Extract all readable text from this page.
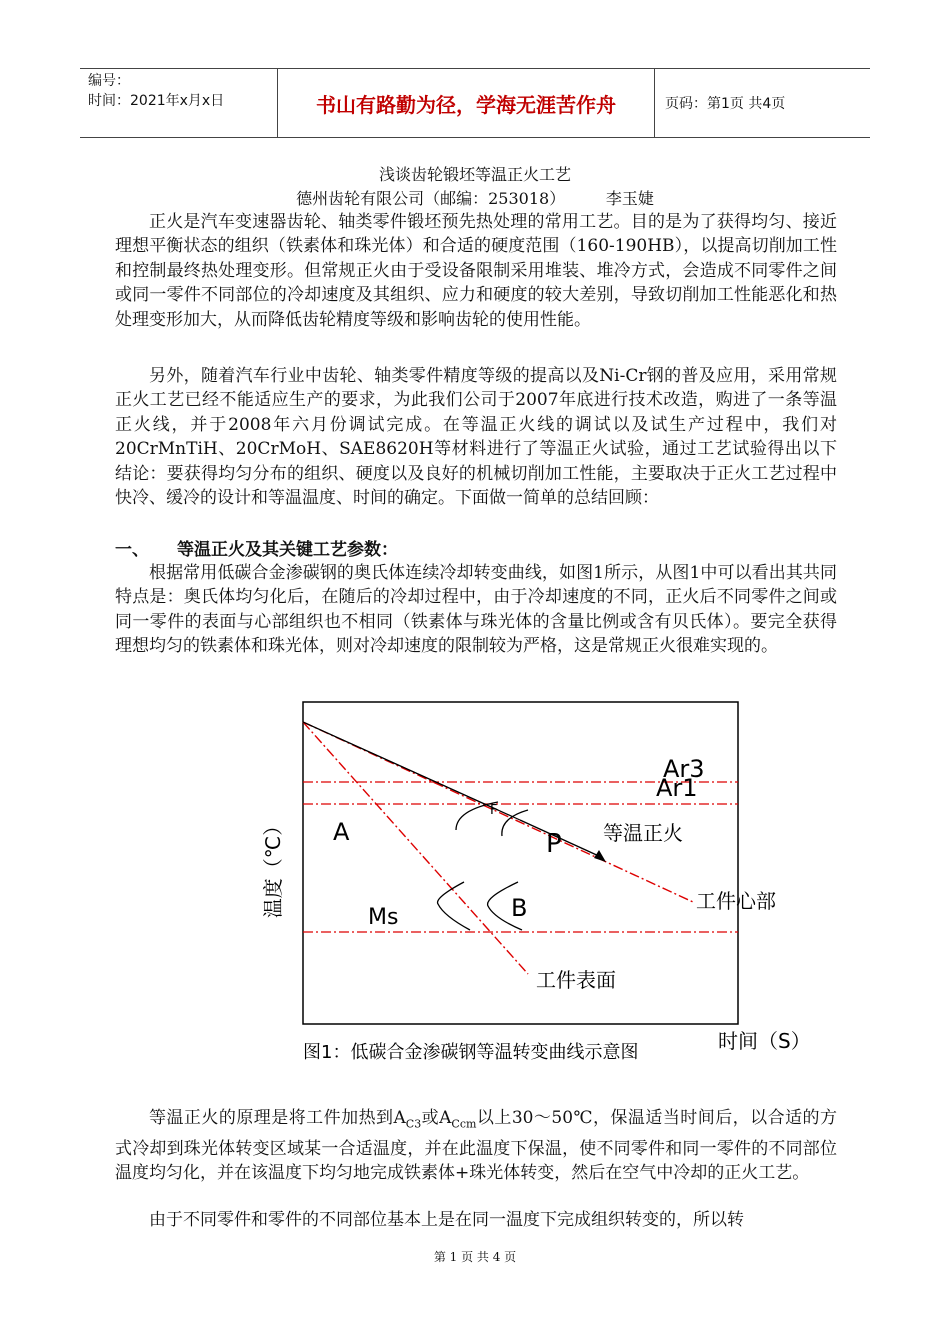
编号：
时间：2021年x月x日	书山有路勤为径，学海无涯苦作舟	页码：第1页 共4页
浅谈齿轮锻坯等温正火工艺
德州齿轮有限公司（邮编：253018）        李玉婕
正火是汽车变速器齿轮、轴类零件锻坯预先热处理的常用工艺。目的是为了获得均匀、接近理想平衡状态的组织（铁素体和珠光体）和合适的硬度范围（160-190HB），以提高切削加工性和控制最终热处理变形。但常规正火由于受设备限制采用堆装、堆冷方式，会造成不同零件之间或同一零件不同部位的冷却速度及其组织、应力和硬度的较大差别，导致切削加工性能恶化和热处理变形加大，从而降低齿轮精度等级和影响齿轮的使用性能。
另外，随着汽车行业中齿轮、轴类零件精度等级的提高以及Ni-Cr钢的普及应用，采用常规正火工艺已经不能适应生产的要求，为此我们公司于2007年底进行技术改造，购进了一条等温正火线，并于2008年六月份调试完成。在等温正火线的调试以及试生产过程中，我们对20CrMnTiH、20CrMoH、SAE8620H等材料进行了等温正火试验，通过工艺试验得出以下结论：要获得均匀分布的组织、硬度以及良好的机械切削加工性能，主要取决于正火工艺过程中快冷、缓冷的设计和等温温度、时间的确定。下面做一简单的总结回顾：
一、 等温正火及其关键工艺参数：
根据常用低碳合金渗碳钢的奥氏体连续冷却转变曲线，如图1所示，从图1中可以看出其共同特点是：奥氏体均匀化后，在随后的冷却过程中，由于冷却速度的不同，正火后不同零件之间或同一零件的表面与心部组织也不相同（铁素体与珠光体的含量比例或含有贝氏体）。要完全获得理想均匀的铁素体和珠光体，则对冷却速度的限制较为严格，这是常规正火很难实现的。
Ar3
Ar1
A
F
P 等温正火
工件心部
Ms	B
工件表面
温度（℃）
时间（S）
图1：低碳合金渗碳钢等温转变曲线示意图
等温正火的原理是将工件加热到$A_{C3}$或$A_{Ccm}$以上30～50℃，保温适当时间后，以合适的方式冷却到珠光体转变区域某一合适温度，并在此温度下保温，使不同零件和同一零件的不同部位温度均匀化，并在该温度下均匀地完成铁素体+珠光体转变，然后在空气中冷却的正火工艺。
由于不同零件和零件的不同部位基本上是在同一温度下完成组织转变的，所以转
第 1 页 共 4 页
